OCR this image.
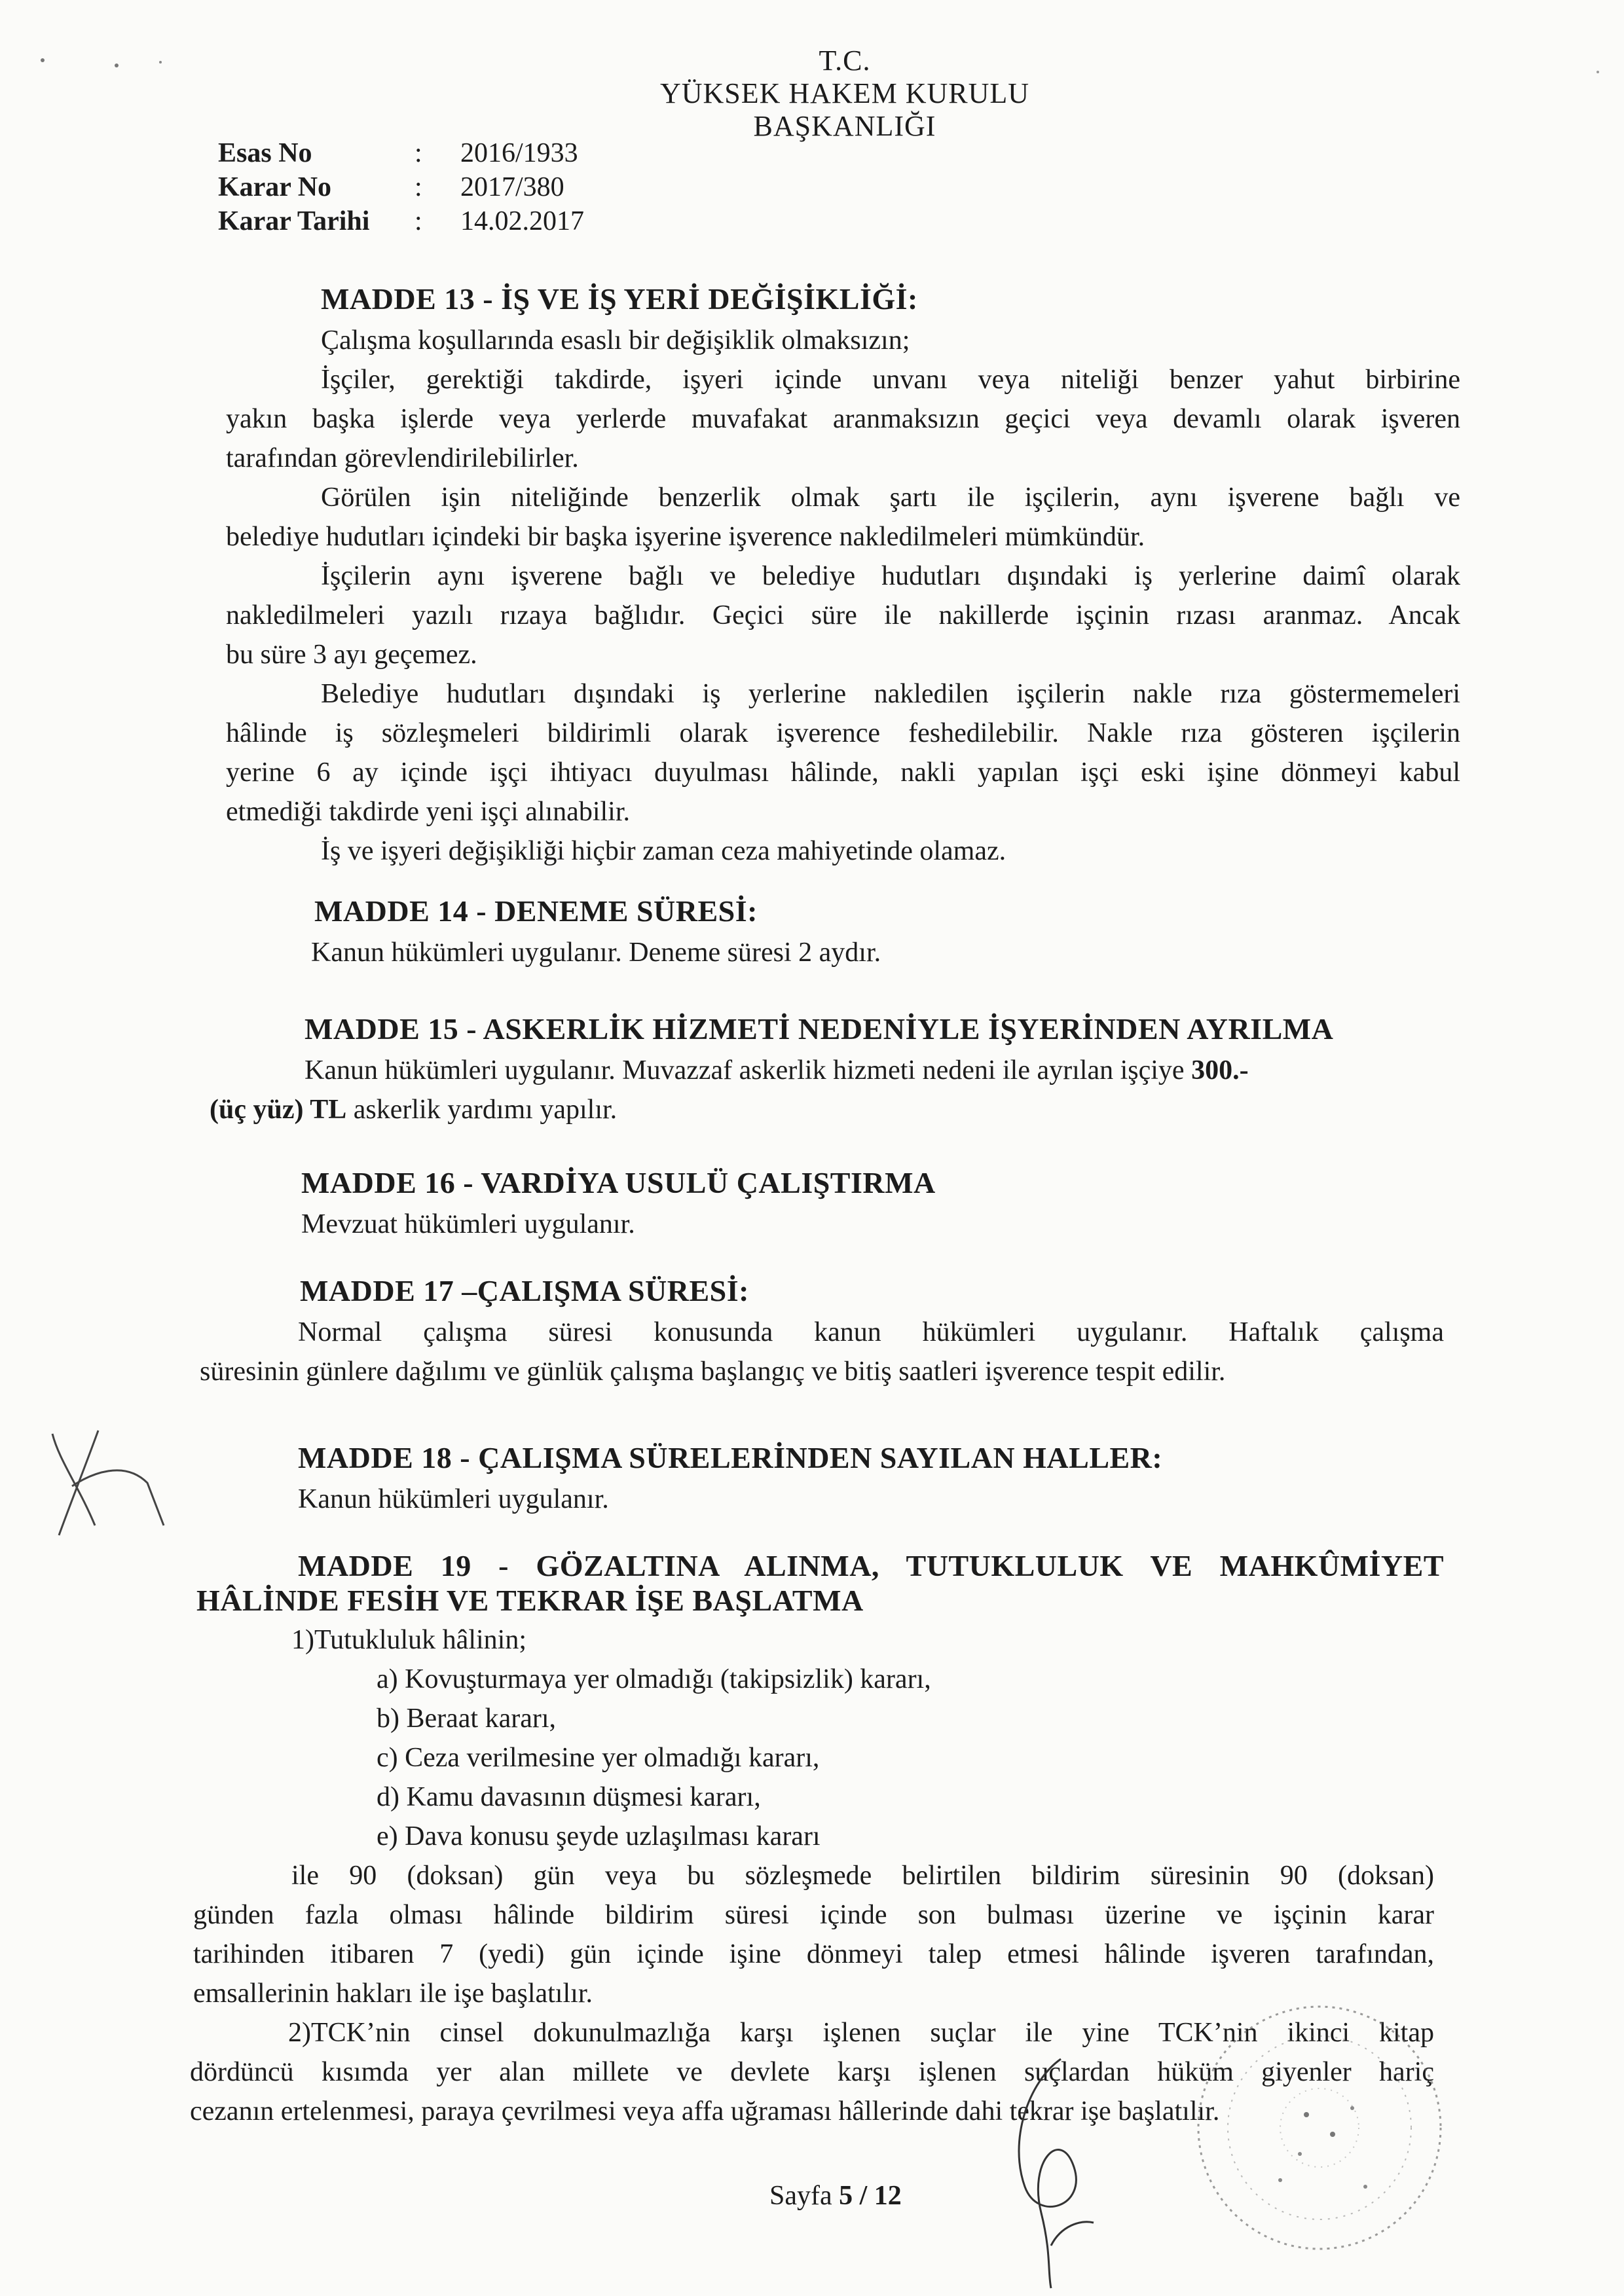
T.C.
YÜKSEK HAKEM KURULU
BAŞKANLIĞI
Esas No	:	2016/1933
Karar No	:	2017/380
Karar Tarihi	:	14.02.2017
MADDE 13 - İŞ VE İŞ YERİ DEĞİŞİKLİĞİ:
Çalışma koşullarında esaslı bir değişiklik olmaksızın;
İşçiler, gerektiği takdirde, işyeri içinde unvanı veya niteliği benzer yahut birbirine
yakın başka işlerde veya yerlerde muvafakat aranmaksızın geçici veya devamlı olarak işveren
tarafından görevlendirilebilirler.
Görülen işin niteliğinde benzerlik olmak şartı ile işçilerin, aynı işverene bağlı ve
belediye hudutları içindeki bir başka işyerine işverence nakledilmeleri mümkündür.
İşçilerin aynı işverene bağlı ve belediye hudutları dışındaki iş yerlerine daimî olarak
nakledilmeleri yazılı rızaya bağlıdır. Geçici süre ile nakillerde işçinin rızası aranmaz. Ancak
bu süre 3 ayı geçemez.
Belediye hudutları dışındaki iş yerlerine nakledilen işçilerin nakle rıza göstermemeleri
hâlinde iş sözleşmeleri bildirimli olarak işverence feshedilebilir. Nakle rıza gösteren işçilerin
yerine 6 ay içinde işçi ihtiyacı duyulması hâlinde, nakli yapılan işçi eski işine dönmeyi kabul
etmediği takdirde yeni işçi alınabilir.
İş ve işyeri değişikliği hiçbir zaman ceza mahiyetinde olamaz.
MADDE 14 - DENEME SÜRESİ:
Kanun hükümleri uygulanır. Deneme süresi 2 aydır.
MADDE 15 - ASKERLİK HİZMETİ NEDENİYLE İŞYERİNDEN AYRILMA
Kanun hükümleri uygulanır. Muvazzaf askerlik hizmeti nedeni ile ayrılan işçiye 300.-
(üç yüz) TL askerlik yardımı yapılır.
MADDE 16 - VARDİYA USULÜ ÇALIŞTIRMA
Mevzuat hükümleri uygulanır.
MADDE 17 –ÇALIŞMA SÜRESİ:
Normal çalışma süresi konusunda kanun hükümleri uygulanır. Haftalık çalışma
süresinin günlere dağılımı ve günlük çalışma başlangıç ve bitiş saatleri işverence tespit edilir.
MADDE 18 - ÇALIŞMA SÜRELERİNDEN SAYILAN HALLER:
Kanun hükümleri uygulanır.
MADDE 19 - GÖZALTINA ALINMA, TUTUKLULUK VE MAHKÛMİYET
HÂLİNDE FESİH VE TEKRAR İŞE BAŞLATMA
1)Tutukluluk hâlinin;
a) Kovuşturmaya yer olmadığı (takipsizlik) kararı,
b) Beraat kararı,
c) Ceza verilmesine yer olmadığı kararı,
d) Kamu davasının düşmesi kararı,
e) Dava konusu şeyde uzlaşılması kararı
ile 90 (doksan) gün veya bu sözleşmede belirtilen bildirim süresinin 90 (doksan)
günden fazla olması hâlinde bildirim süresi içinde son bulması üzerine ve işçinin karar
tarihinden itibaren 7 (yedi) gün içinde işine dönmeyi talep etmesi hâlinde işveren tarafından,
emsallerinin hakları ile işe başlatılır.
2)TCK’nin cinsel dokunulmazlığa karşı işlenen suçlar ile yine TCK’nin ikinci kitap
dördüncü kısımda yer alan millete ve devlete karşı işlenen suçlardan hüküm giyenler hariç
cezanın ertelenmesi, paraya çevrilmesi veya affa uğraması hâllerinde dahi tekrar işe başlatılır.
Sayfa 5 / 12
